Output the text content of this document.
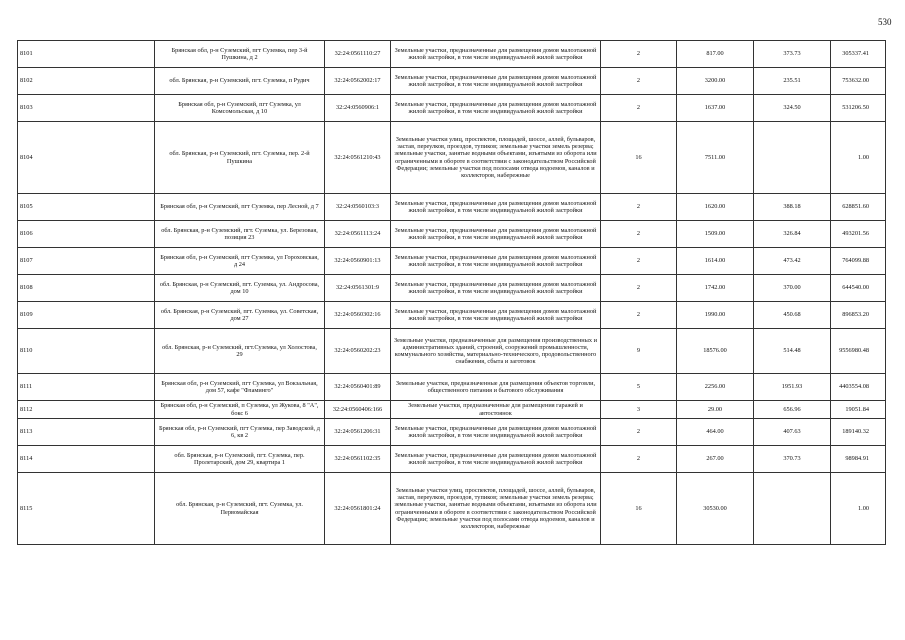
530
8101	Брянская обл, р-н Суземский, пгт Суземка, пер 3-й Пушкина, д 2	32:24:0561110:27	Земельные участки, предназначенные для размещения домов малоэтажной жилой застройки, в том числе индивидуальной жилой застройки	2	817.00	373.73	305337.41
8102	обл. Брянская, р-н Суземский, пгт. Суземка, п Рудич	32:24:0562002:17	Земельные участки, предназначенные для размещения домов малоэтажной жилой застройки, в том числе индивидуальной жилой застройки	2	3200.00	235.51	753632.00
8103	Брянская обл, р-н Суземский, пгт Суземка, ул Комсомольская, д 10	32:24:0560906:1	Земельные участки, предназначенные для размещения домов малоэтажной жилой застройки, в том числе индивидуальной жилой застройки	2	1637.00	324.50	531206.50
8104	обл. Брянская, р-н Суземский, пгт. Суземка, пер. 2-й Пушкина	32:24:0561210:43	Земельные участки улиц, проспектов, площадей, шоссе, аллей, бульваров, застав, переулков, проездов, тупиков; земельные участки земель резерва; земельные участки, занятые водными объектами, изъятыми из оборота или ограниченными в обороте в соответствии с законодательством Российской Федерации; земельные участки под полосами отвода водоемов, каналов и коллекторов, набережные	16	7511.00		1.00
8105	Брянская обл, р-н Суземский, пгт Суземка, пер Лесной, д 7	32:24:0560103:3	Земельные участки, предназначенные для размещения домов малоэтажной жилой застройки, в том числе индивидуальной жилой застройки	2	1620.00	388.18	628851.60
8106	обл. Брянская, р-н Суземский, пгт. Суземка, ул. Березовая, позиция 23	32:24:0561113:24	Земельные участки, предназначенные для размещения домов малоэтажной жилой застройки, в том числе индивидуальной жилой застройки	2	1509.00	326.84	493201.56
8107	Брянская обл, р-н Суземский, пгт Суземка, ул Гороховская, д 24	32:24:0560901:13	Земельные участки, предназначенные для размещения домов малоэтажной жилой застройки, в том числе индивидуальной жилой застройки	2	1614.00	473.42	764099.88
8108	обл. Брянская, р-н Суземский, пгт. Суземка, ул. Андросова, дом 10	32:24:0561301:9	Земельные участки, предназначенные для размещения домов малоэтажной жилой застройки, в том числе индивидуальной жилой застройки	2	1742.00	370.00	644540.00
8109	обл. Брянская, р-н Суземский, пгт. Суземка, ул. Советская, дом 27	32:24:0560302:16	Земельные участки, предназначенные для размещения домов малоэтажной жилой застройки, в том числе индивидуальной жилой застройки	2	1990.00	450.68	896853.20
8110	обл. Брянская, р-н Суземский, пгт.Суземка, ул Холостова, 29	32:24:0560202:23	Земельные участки, предназначенные для размещения производственных и административных зданий, строений, сооружений промышленности, коммунального хозяйства, материально-технического, продовольственного снабжения, сбыта и заготовок	9	18576.00	514.48	9556980.48
8111	Брянская обл, р-н Суземский, пгт Суземка, ул Вокзальная, дом 57, кафе "Фламинго"	32:24:0560401:89	Земельные участки, предназначенные для размещения объектов торговли, общественного питания и бытового обслуживания	5	2256.00	1951.93	4403554.08
8112	Брянская обл, р-н Суземский, п Суземка, ул Жукова, 8 "А", бокс 6	32:24:0560406:166	Земельные участки, предназначенные для размещения гаражей и автостоянок	3	29.00	656.96	19051.84
8113	Брянская обл, р-н Суземский, пгт Суземка, пер Заводской, д 6, кв 2	32:24:0561206:31	Земельные участки, предназначенные для размещения домов малоэтажной жилой застройки, в том числе индивидуальной жилой застройки	2	464.00	407.63	189140.32
8114	обл. Брянская, р-н Суземский, пгт. Суземка, пер. Пролетарский, дом 29, квартира 1	32:24:0561102:35	Земельные участки, предназначенные для размещения домов малоэтажной жилой застройки, в том числе индивидуальной жилой застройки	2	267.00	370.73	98984.91
8115	обл. Брянская, р-н Суземский, пгт. Суземка, ул. Первомайская	32:24:0561801:24	Земельные участки улиц, проспектов, площадей, шоссе, аллей, бульваров, застав, переулков, проездов, тупиков; земельные участки земель резерва; земельные участки, занятые водными объектами, изъятыми из оборота или ограниченными в обороте в соответствии с законодательством Российской Федерации; земельные участки под полосами отвода водоемов, каналов и коллекторов, набережные	16	30530.00		1.00
